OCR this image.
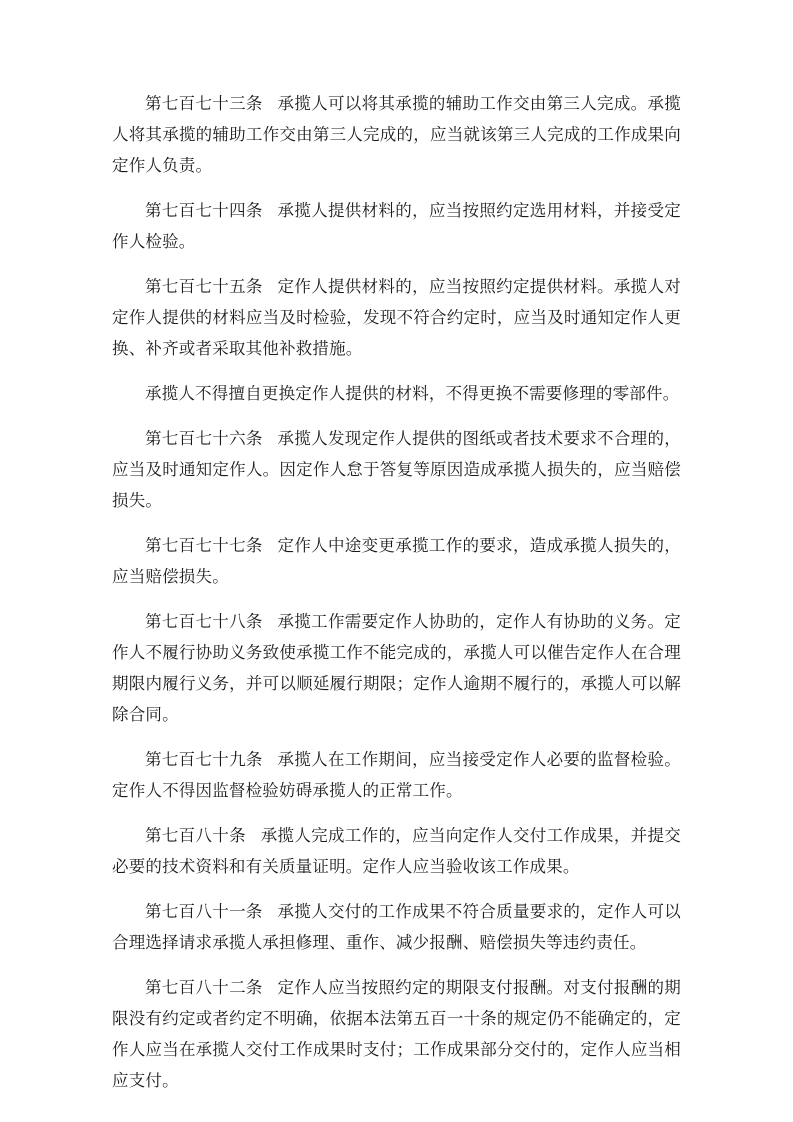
第七百七十三条 承揽人可以将其承揽的辅助工作交由第三人完成。承揽人将其承揽的辅助工作交由第三人完成的，应当就该第三人完成的工作成果向定作人负责。

第七百七十四条 承揽人提供材料的，应当按照约定选用材料，并接受定作人检验。

第七百七十五条 定作人提供材料的，应当按照约定提供材料。承揽人对定作人提供的材料应当及时检验，发现不符合约定时，应当及时通知定作人更换、补齐或者采取其他补救措施。

承揽人不得擅自更换定作人提供的材料，不得更换不需要修理的零部件。

第七百七十六条 承揽人发现定作人提供的图纸或者技术要求不合理的，应当及时通知定作人。因定作人怠于答复等原因造成承揽人损失的，应当赔偿损失。

第七百七十七条 定作人中途变更承揽工作的要求，造成承揽人损失的，应当赔偿损失。

第七百七十八条 承揽工作需要定作人协助的，定作人有协助的义务。定作人不履行协助义务致使承揽工作不能完成的，承揽人可以催告定作人在合理期限内履行义务，并可以顺延履行期限；定作人逾期不履行的，承揽人可以解除合同。

第七百七十九条 承揽人在工作期间，应当接受定作人必要的监督检验。定作人不得因监督检验妨碍承揽人的正常工作。

第七百八十条 承揽人完成工作的，应当向定作人交付工作成果，并提交必要的技术资料和有关质量证明。定作人应当验收该工作成果。

第七百八十一条 承揽人交付的工作成果不符合质量要求的，定作人可以合理选择请求承揽人承担修理、重作、减少报酬、赔偿损失等违约责任。

第七百八十二条 定作人应当按照约定的期限支付报酬。对支付报酬的期限没有约定或者约定不明确，依据本法第五百一十条的规定仍不能确定的，定作人应当在承揽人交付工作成果时支付；工作成果部分交付的，定作人应当相应支付。
